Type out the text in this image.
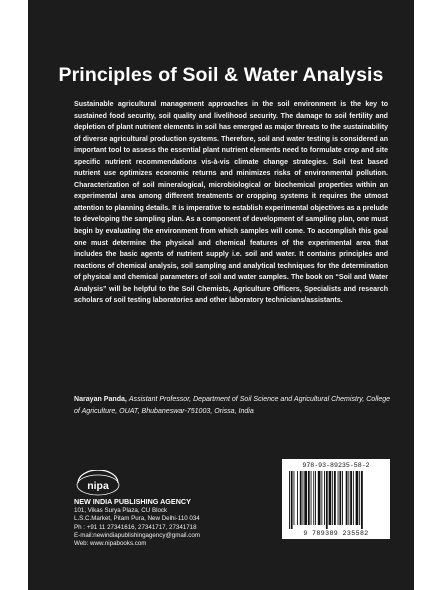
Principles of Soil & Water Analysis

Sustainable agricultural management approaches in the soil environment is the key to sustained food security, soil quality and livelihood security. The damage to soil fertility and depletion of plant nutrient elements in soil has emerged as major threats to the sustainability of diverse agricultural production systems. Therefore, soil and water testing is considered an important tool to assess the essential plant nutrient elements need to formulate crop and site specific nutrient recommendations vis-à-vis climate change strategies. Soil test based nutrient use optimizes economic returns and minimizes risks of environmental pollution. Characterization of soil mineralogical, microbiological or biochemical properties within an experimental area among different treatments or cropping systems it requires the utmost attention to planning details. It is imperative to establish experimental objectives as a prelude to developing the sampling plan. As a component of development of sampling plan, one must begin by evaluating the environment from which samples will come. To accomplish this goal one must determine the physical and chemical features of the experimental area that includes the basic agents of nutrient supply i.e. soil and water. It contains principles and reactions of chemical analysis, soil sampling and analytical techniques for the determination of physical and chemical parameters of soil and water samples. The book on “Soil and Water Analysis” will be helpful to the Soil Chemists, Agriculture Officers, Specialists and research scholars of soil testing laboratories and other laboratory technicians/assistants.

Narayan Panda, Assistant Professor, Department of Soil Science and Agricultural Chemistry, College of Agriculture, OUAT, Bhubaneswar-751003, Orissa, India

nipa
NEW INDIA PUBLISHING AGENCY
101, Vikas Surya Plaza, CU Block
L.S.C.Market, Pitam Pura, New Delhi-110 034
Ph : +91 11 27341616, 27341717, 27341718
E-mail:newindiapublishingagency@gmail.com
Web: www.nipabooks.com
978-93-89235-58-2
9 789389 235582
